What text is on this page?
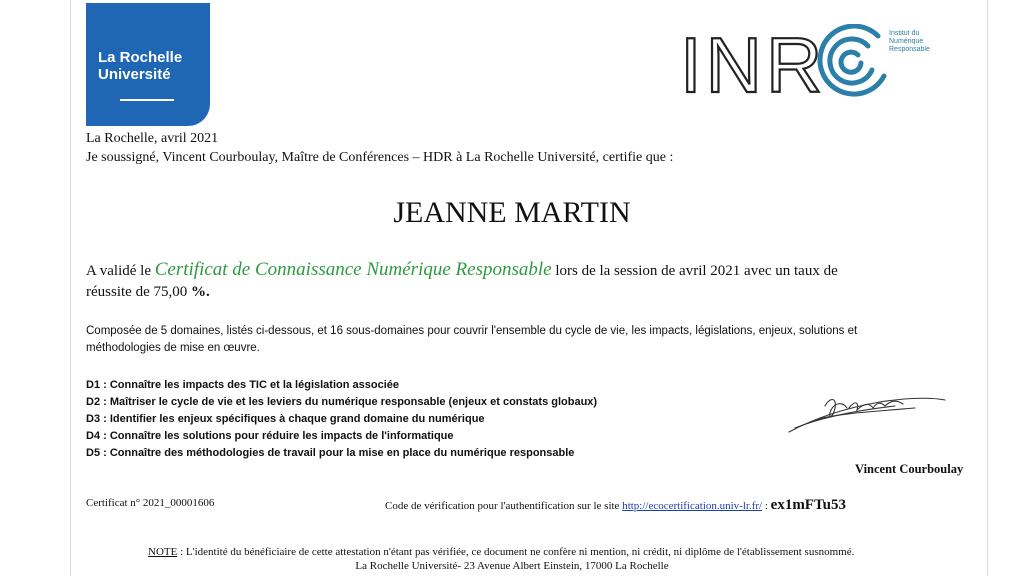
La Rochelle
Université	INR	Institut du
Numérique
Responsable
La Rochelle, avril 2021
Je soussigné, Vincent Courboulay, Maître de Conférences – HDR à La Rochelle Université, certifie que :
JEANNE MARTIN
A validé le Certificat de Connaissance Numérique Responsable lors de la session de avril 2021 avec un taux de
réussite de 75,00 %.
Composée de 5 domaines, listés ci-dessous, et 16 sous-domaines pour couvrir l'ensemble du cycle de vie, les impacts, législations, enjeux, solutions et
méthodologies de mise en œuvre.
D1 : Connaître les impacts des TIC et la législation associée
D2 : Maîtriser le cycle de vie et les leviers du numérique responsable (enjeux et constats globaux)
D3 : Identifier les enjeux spécifiques à chaque grand domaine du numérique
D4 : Connaître les solutions pour réduire les impacts de l'informatique
D5 : Connaître des méthodologies de travail pour la mise en place du numérique responsable
Vincent Courboulay
Certificat n° 2021_00001606	Code de vérification pour l'authentification sur le site http://ecocertification.univ-lr.fr/ : ex1mFTu53
NOTE : L'identité du bénéficiaire de cette attestation n'étant pas vérifiée, ce document ne confère ni mention, ni crédit, ni diplôme de l'établissement susnommé.
La Rochelle Université- 23 Avenue Albert Einstein, 17000 La Rochelle
